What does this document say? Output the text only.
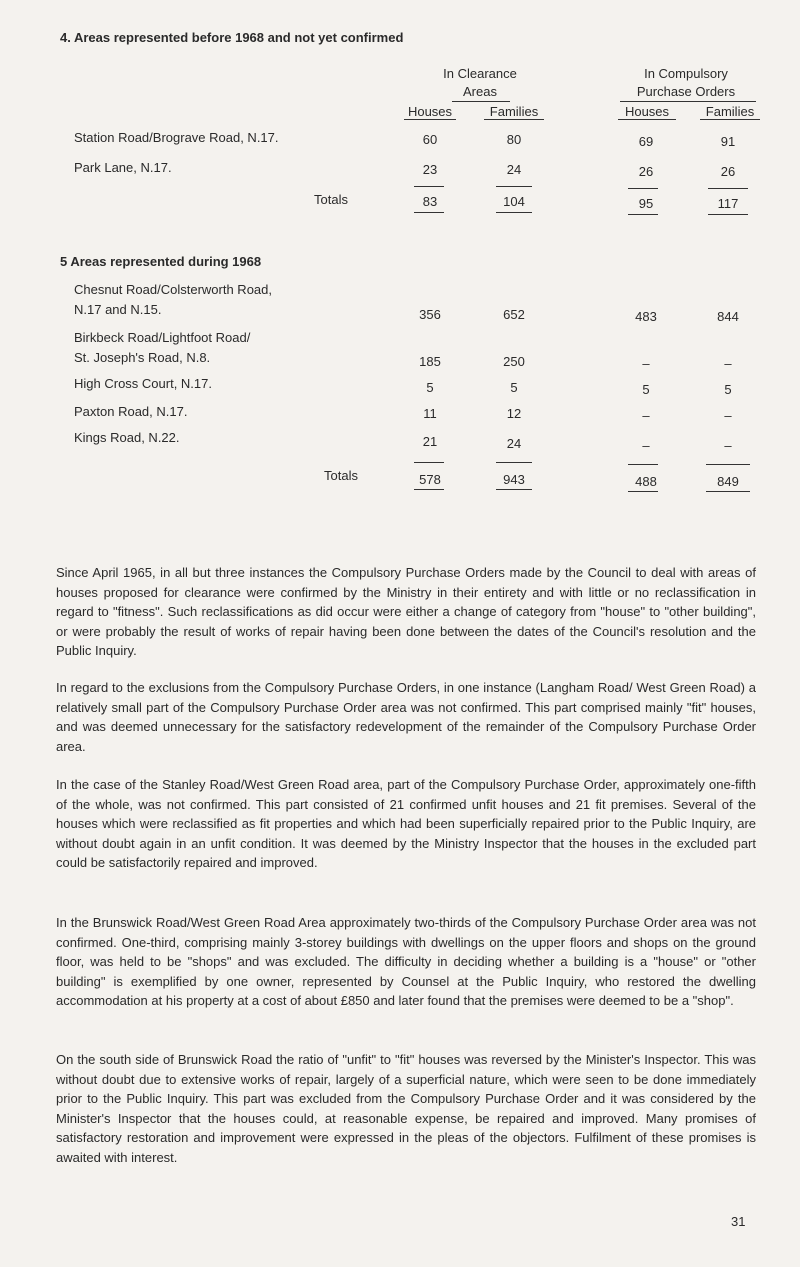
4. Areas represented before 1968 and not yet confirmed
In Clearance
Areas
In Compulsory
Purchase Orders
Houses	Families	Houses	Families
Station Road/Brograve Road, N.17.	60	80	69	91
Park Lane, N.17.	23	24	26	26
Totals	83	104	95	117
5 Areas represented during 1968
Chesnut Road/Colsterworth Road,
N.17 and N.15.	356	652	483	844
Birkbeck Road/Lightfoot Road/
St. Joseph's Road, N.8.	185	250	–	–
High Cross Court, N.17.	5	5	5	5
Paxton Road, N.17.	11	12	–	–
Kings Road, N.22.	21	24	–	–
Totals	578	943	488	849
Since April 1965, in all but three instances the Compulsory Purchase Orders made by the Council to deal with areas of houses proposed for clearance were confirmed by the Ministry in their entirety and with little or no reclassification in regard to "fitness". Such reclassifications as did occur were either a change of category from "house" to "other building", or were probably the result of works of repair having been done between the dates of the Council's resolution and the Public Inquiry.
In regard to the exclusions from the Compulsory Purchase Orders, in one instance (Langham Road/ West Green Road) a relatively small part of the Compulsory Purchase Order area was not confirmed. This part comprised mainly "fit" houses, and was deemed unnecessary for the satisfactory redevelopment of the remainder of the Compulsory Purchase Order area.
In the case of the Stanley Road/West Green Road area, part of the Compulsory Purchase Order, approximately one-fifth of the whole, was not confirmed. This part consisted of 21 confirmed unfit houses and 21 fit premises. Several of the houses which were reclassified as fit properties and which had been superficially repaired prior to the Public Inquiry, are without doubt again in an unfit condition. It was deemed by the Ministry Inspector that the houses in the excluded part could be satisfactorily repaired and improved.
In the Brunswick Road/West Green Road Area approximately two-thirds of the Compulsory Purchase Order area was not confirmed. One-third, comprising mainly 3-storey buildings with dwellings on the upper floors and shops on the ground floor, was held to be "shops" and was excluded. The difficulty in deciding whether a building is a "house" or "other building" is exemplified by one owner, represented by Counsel at the Public Inquiry, who restored the dwelling accommodation at his property at a cost of about £850 and later found that the premises were deemed to be a "shop".
On the south side of Brunswick Road the ratio of "unfit" to "fit" houses was reversed by the Minister's Inspector. This was without doubt due to extensive works of repair, largely of a superficial nature, which were seen to be done immediately prior to the Public Inquiry. This part was excluded from the Compulsory Purchase Order and it was considered by the Minister's Inspector that the houses could, at reasonable expense, be repaired and improved. Many promises of satisfactory restoration and improvement were expressed in the pleas of the objectors. Fulfilment of these promises is awaited with interest.
31
